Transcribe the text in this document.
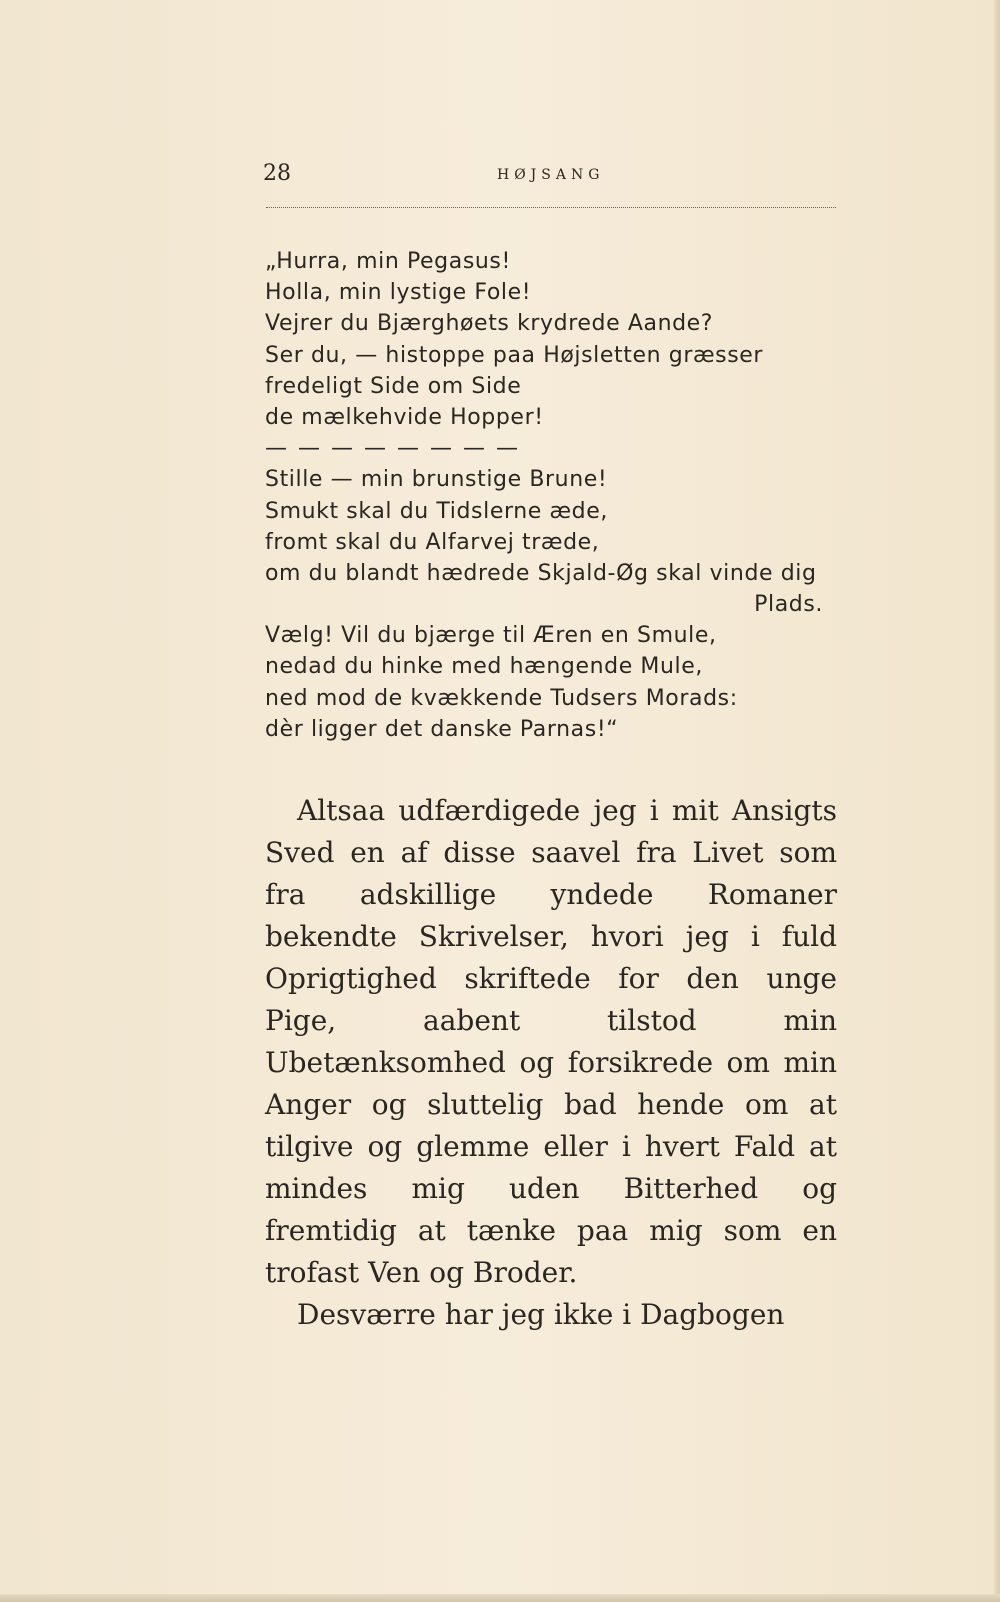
28	HØJSANG
„Hurra, min Pegasus!
Holla, min lystige Fole!
Vejrer du Bjærghøets krydrede Aande?
Ser du, — histoppe paa Højsletten græsser
fredeligt Side om Side
de mælkehvide Hopper!
— — — — — — — —
Stille — min brunstige Brune!
Smukt skal du Tidslerne æde,
fromt skal du Alfarvej træde,
om du blandt hædrede Skjald-Øg skal vinde dig
Plads.
Vælg! Vil du bjærge til Æren en Smule,
nedad du hinke med hængende Mule,
ned mod de kvækkende Tudsers Morads:
dèr ligger det danske Parnas!“

Altsaa udfærdigede jeg i mit Ansigts Sved en af disse saavel fra Livet som fra adskillige yndede Romaner bekendte Skrivelser, hvori jeg i fuld Oprigtighed skriftede for den unge Pige, aabent tilstod min Ubetænksomhed og forsikrede om min Anger og sluttelig bad hende om at tilgive og glemme eller i hvert Fald at mindes mig uden Bitterhed og fremtidig at tænke paa mig som en trofast Ven og Broder.

Desværre har jeg ikke i Dagbogen
